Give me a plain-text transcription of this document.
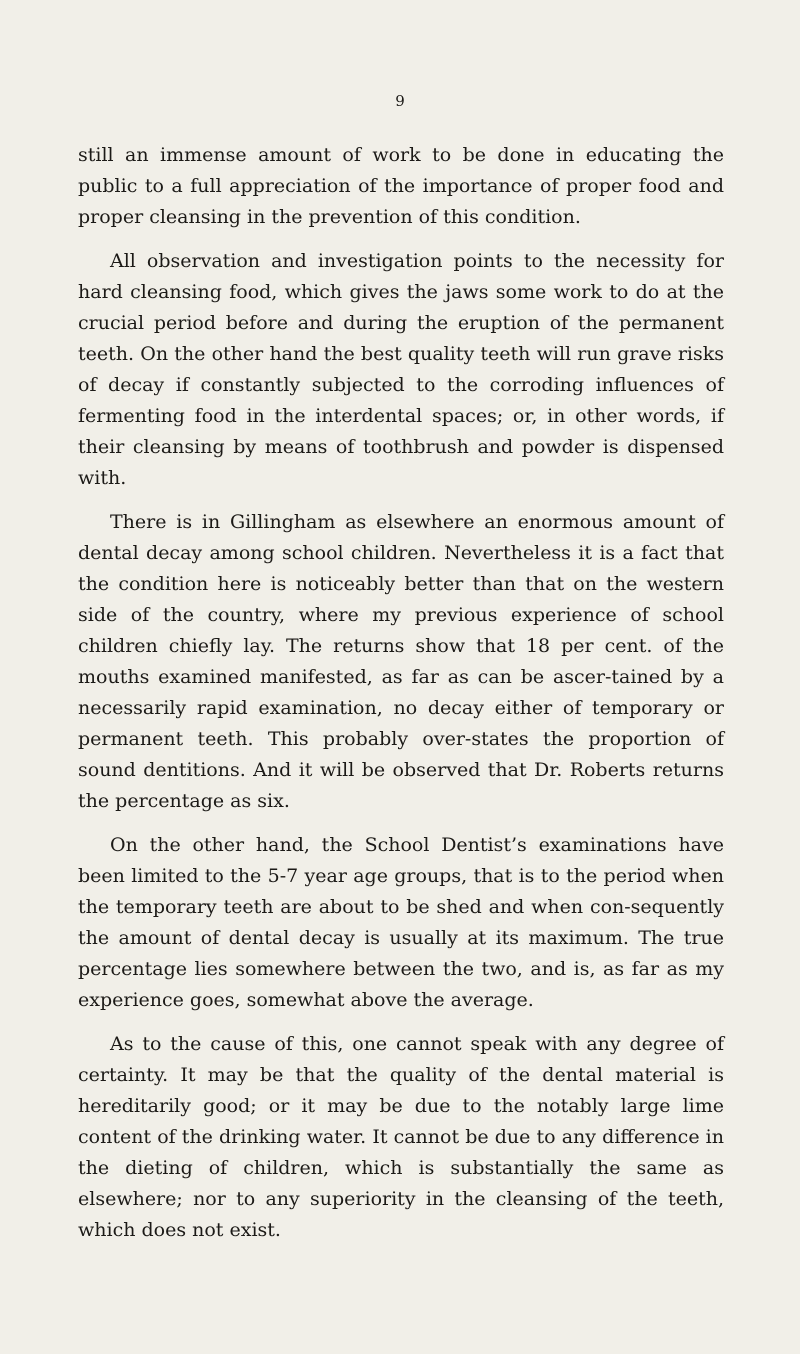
9

still an immense amount of work to be done in educating the public to a full appreciation of the importance of proper food and proper cleansing in the prevention of this condition.

All observation and investigation points to the necessity for hard cleansing food, which gives the jaws some work to do at the crucial period before and during the eruption of the permanent teeth. On the other hand the best quality teeth will run grave risks of decay if constantly subjected to the corroding influences of fermenting food in the interdental spaces; or, in other words, if their cleansing by means of toothbrush and powder is dispensed with.

There is in Gillingham as elsewhere an enormous amount of dental decay among school children. Nevertheless it is a fact that the condition here is noticeably better than that on the western side of the country, where my previous experience of school children chiefly lay. The returns show that 18 per cent. of the mouths examined manifested, as far as can be ascer-tained by a necessarily rapid examination, no decay either of temporary or permanent teeth. This probably over-states the proportion of sound dentitions. And it will be observed that Dr. Roberts returns the percentage as six.

On the other hand, the School Dentist’s examinations have been limited to the 5-7 year age groups, that is to the period when the temporary teeth are about to be shed and when con-sequently the amount of dental decay is usually at its maximum. The true percentage lies somewhere between the two, and is, as far as my experience goes, somewhat above the average.

As to the cause of this, one cannot speak with any degree of certainty. It may be that the quality of the dental material is hereditarily good; or it may be due to the notably large lime content of the drinking water. It cannot be due to any difference in the dieting of children, which is substantially the same as elsewhere; nor to any superiority in the cleansing of the teeth, which does not exist.
